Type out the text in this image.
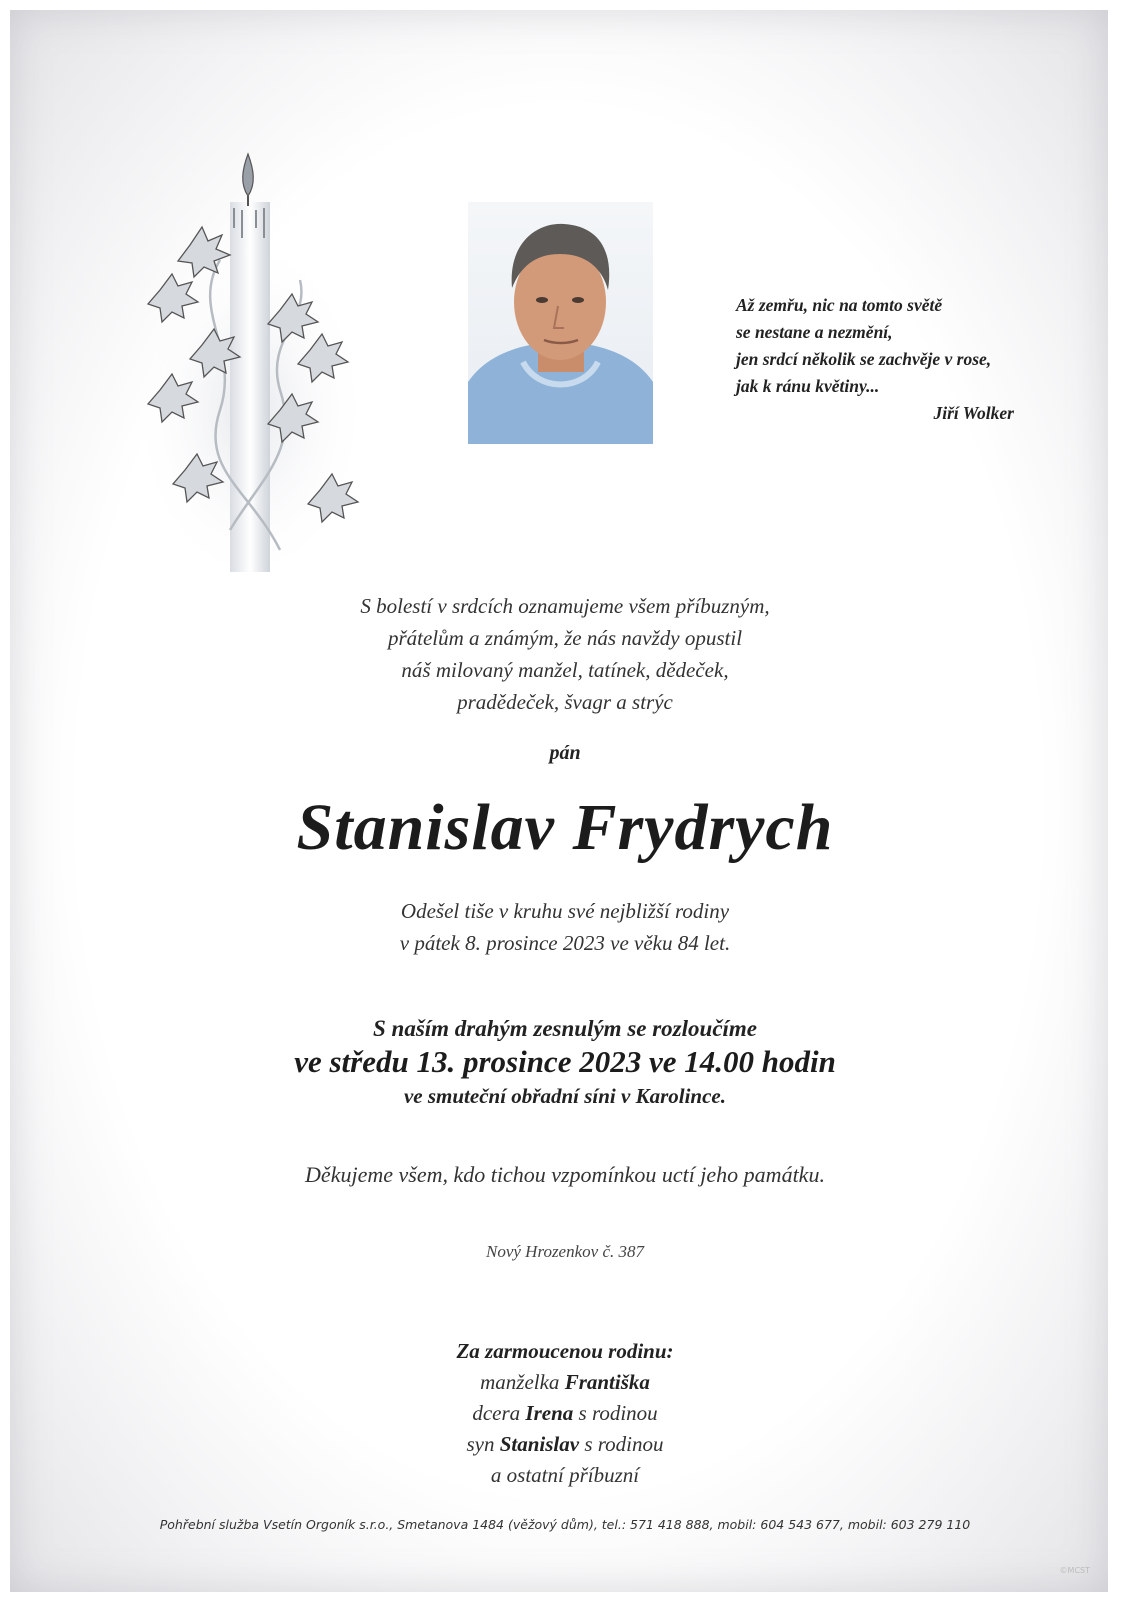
Až zemřu, nic na tomto světě
se nestane a nezmění,
jen srdcí několik se zachvěje v rose,
jak k ránu květiny...
Jiří Wolker
S bolestí v srdcích oznamujeme všem příbuzným,
přátelům a známým, že nás navždy opustil
náš milovaný manžel, tatínek, dědeček,
pradědeček, švagr a strýc
pán
Stanislav Frydrych
Odešel tiše v kruhu své nejbližší rodiny
v pátek 8. prosince 2023 ve věku 84 let.
S naším drahým zesnulým se rozloučíme
ve středu 13. prosince 2023 ve 14.00 hodin
ve smuteční obřadní síni v Karolince.
Děkujeme všem, kdo tichou vzpomínkou uctí jeho památku.
Nový Hrozenkov č. 387
Za zarmoucenou rodinu:
manželka Františka
dcera Irena s rodinou
syn Stanislav s rodinou
a ostatní příbuzní
Pohřební služba Vsetín Orgoník s.r.o., Smetanova 1484 (věžový dům), tel.: 571 418 888, mobil: 604 543 677, mobil: 603 279 110
©MCST
